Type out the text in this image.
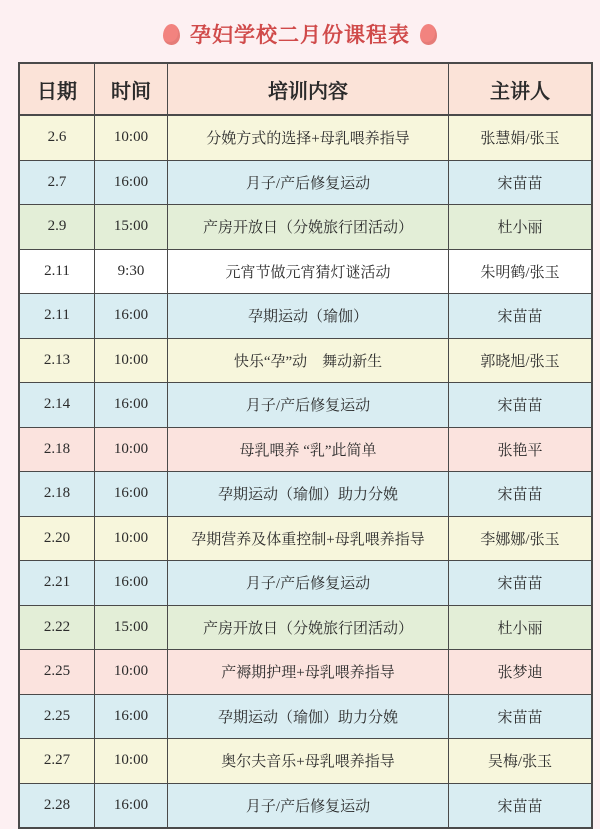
孕妇学校二月份课程表
日期	时间	培训内容	主讲人
2.6	10:00	分娩方式的选择+母乳喂养指导	张慧娟/张玉
2.7	16:00	月子/产后修复运动	宋苗苗
2.9	15:00	产房开放日（分娩旅行团活动）	杜小丽
2.11	9:30	元宵节做元宵猜灯谜活动	朱明鹤/张玉
2.11	16:00	孕期运动（瑜伽）	宋苗苗
2.13	10:00	快乐“孕”动　舞动新生	郭晓旭/张玉
2.14	16:00	月子/产后修复运动	宋苗苗
2.18	10:00	母乳喂养 “乳”此简单	张艳平
2.18	16:00	孕期运动（瑜伽）助力分娩	宋苗苗
2.20	10:00	孕期营养及体重控制+母乳喂养指导	李娜娜/张玉
2.21	16:00	月子/产后修复运动	宋苗苗
2.22	15:00	产房开放日（分娩旅行团活动）	杜小丽
2.25	10:00	产褥期护理+母乳喂养指导	张梦迪
2.25	16:00	孕期运动（瑜伽）助力分娩	宋苗苗
2.27	10:00	奥尔夫音乐+母乳喂养指导	吴梅/张玉
2.28	16:00	月子/产后修复运动	宋苗苗
